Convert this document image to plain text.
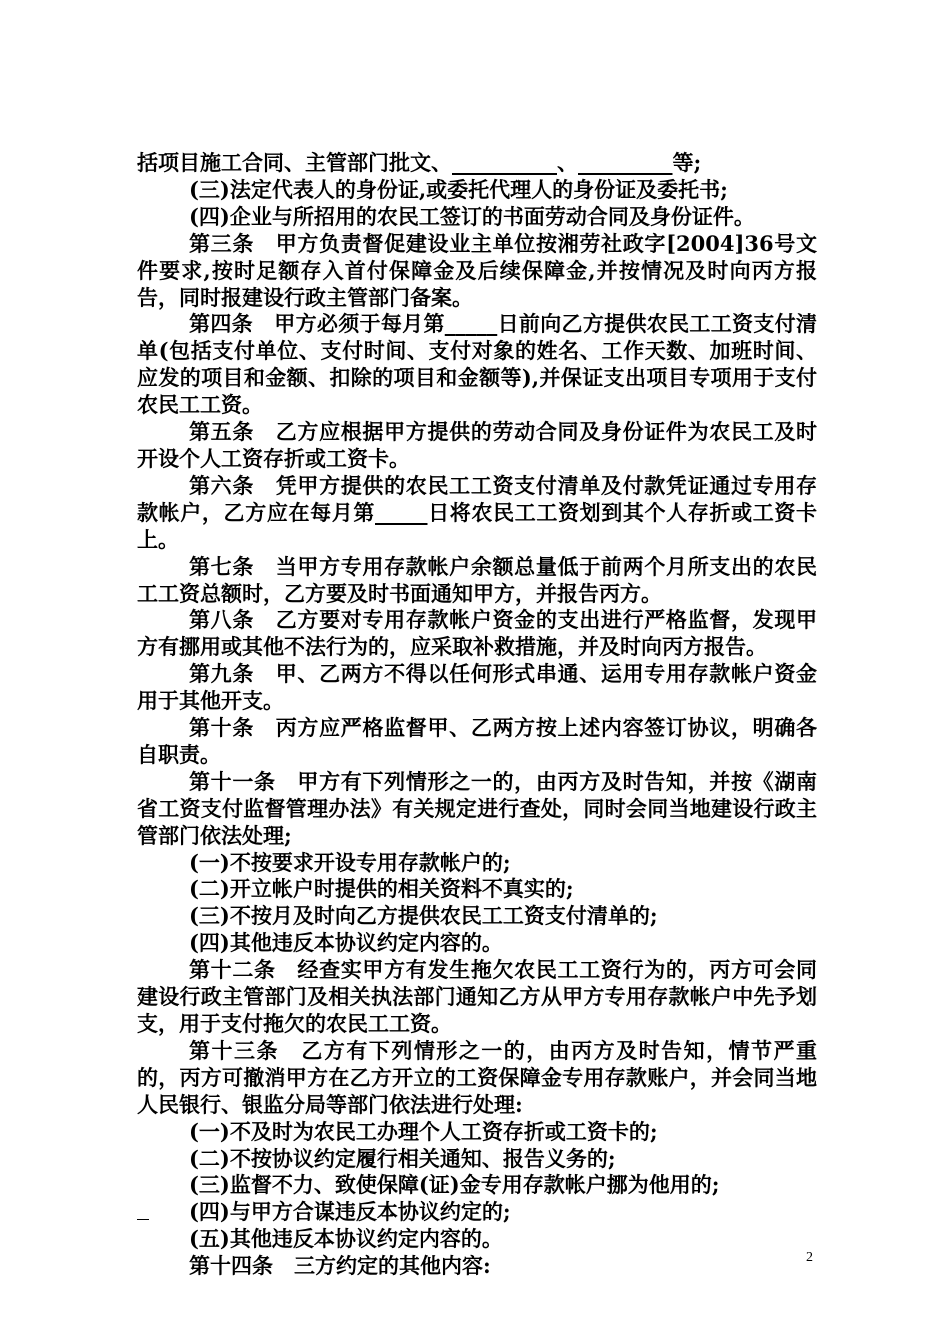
括项目施工合同、主管部门批文、__________、_________等;

(三)法定代表人的身份证,或委托代理人的身份证及委托书;

(四)企业与所招用的农民工签订的书面劳动合同及身份证件。

第三条　甲方负责督促建设业主单位按湘劳社政字[2004]36号文件要求,按时足额存入首付保障金及后续保障金,并按情况及时向丙方报告，同时报建设行政主管部门备案。

第四条　甲方必须于每月第_____日前向乙方提供农民工工资支付清单(包括支付单位、支付时间、支付对象的姓名、工作天数、加班时间、应发的项目和金额、扣除的项目和金额等),并保证支出项目专项用于支付农民工工资。

第五条　乙方应根据甲方提供的劳动合同及身份证件为农民工及时开设个人工资存折或工资卡。

第六条　凭甲方提供的农民工工资支付清单及付款凭证通过专用存款帐户，乙方应在每月第_____日将农民工工资划到其个人存折或工资卡上。

第七条　当甲方专用存款帐户余额总量低于前两个月所支出的农民工工资总额时，乙方要及时书面通知甲方，并报告丙方。

第八条　乙方要对专用存款帐户资金的支出进行严格监督，发现甲方有挪用或其他不法行为的，应采取补救措施，并及时向丙方报告。

第九条　甲、乙两方不得以任何形式串通、运用专用存款帐户资金用于其他开支。

第十条　丙方应严格监督甲、乙两方按上述内容签订协议，明确各自职责。

第十一条　甲方有下列情形之一的，由丙方及时告知，并按《湖南省工资支付监督管理办法》有关规定进行查处，同时会同当地建设行政主管部门依法处理;

(一)不按要求开设专用存款帐户的;

(二)开立帐户时提供的相关资料不真实的;

(三)不按月及时向乙方提供农民工工资支付清单的;

(四)其他违反本协议约定内容的。

第十二条　经查实甲方有发生拖欠农民工工资行为的，丙方可会同建设行政主管部门及相关执法部门通知乙方从甲方专用存款帐户中先予划支，用于支付拖欠的农民工工资。

第十三条　乙方有下列情形之一的，由丙方及时告知，情节严重的，丙方可撤消甲方在乙方开立的工资保障金专用存款账户，并会同当地人民银行、银监分局等部门依法进行处理:

(一)不及时为农民工办理个人工资存折或工资卡的;

(二)不按协议约定履行相关通知、报告义务的;

(三)监督不力、致使保障(证)金专用存款帐户挪为他用的;

(四)与甲方合谋违反本协议约定的;

(五)其他违反本协议约定内容的。

第十四条　三方约定的其他内容:	2
